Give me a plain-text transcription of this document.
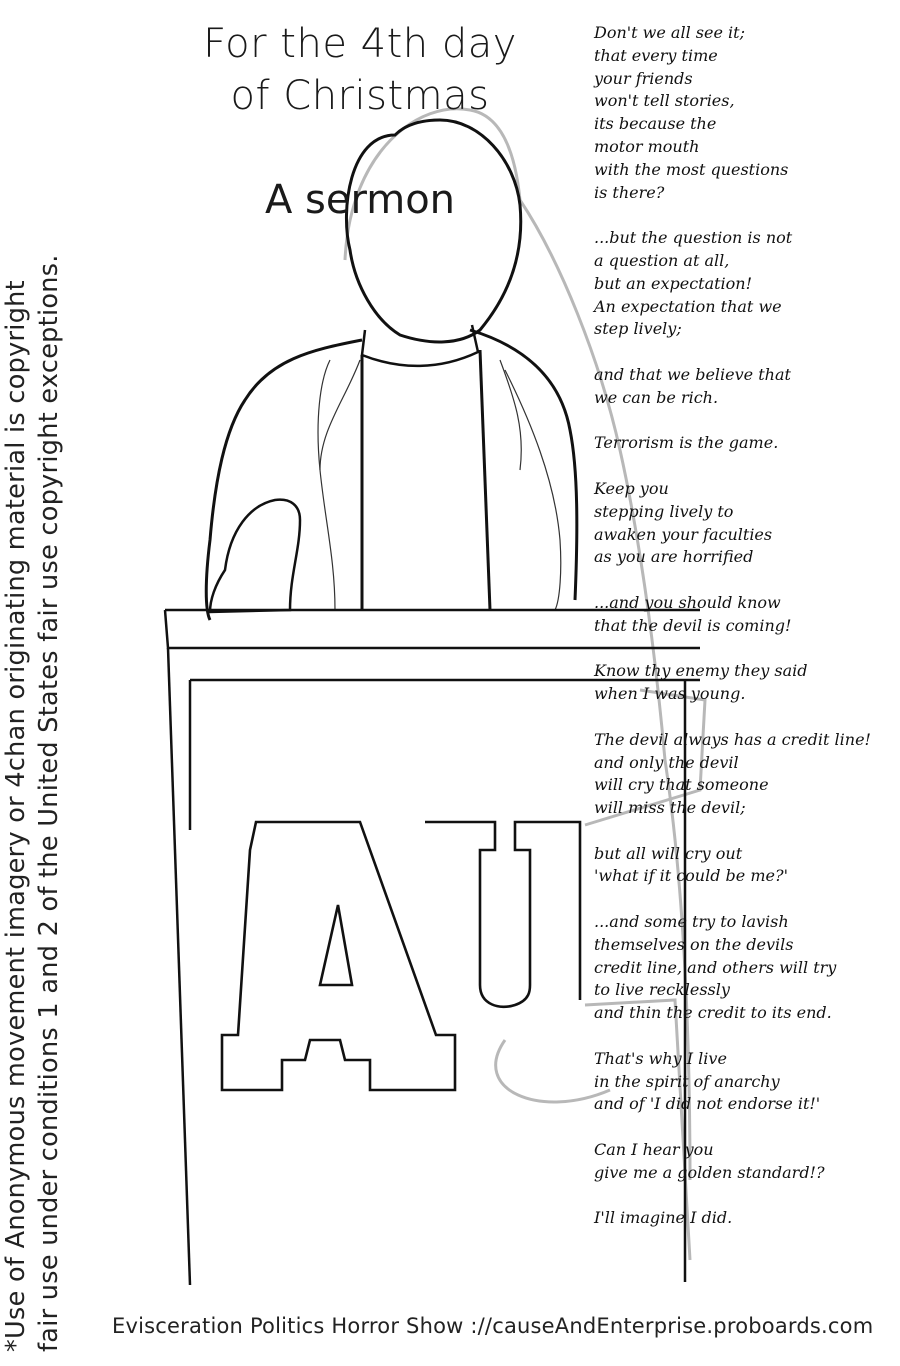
*Use of Anonymous movement imagery or 4chan originating material is copyright fair use under conditions 1 and 2 of the United States fair use copyright exceptions.
For the 4th day
of Christmas
A sermon
Don't we all see it;
that every time
your friends
won't tell stories,
its because the
motor mouth
with the most questions
is there?

...but the question is not
a question at all,
but an expectation!
An expectation that we
step lively;

and that we believe that
we can be rich.

Terrorism is the game.

Keep you
stepping lively to
awaken your faculties
as you are horrified

...and you should know
that the devil is coming!

Know thy enemy they said
when I was young.

The devil always has a credit line!
and only the devil
will cry that someone
will miss the devil;

but all will cry out
'what if it could be me?'

...and some try to lavish
themselves on the devils
credit line, and others will try
to live recklessly
and thin the credit to its end.

That's why I live
in the spirit of anarchy
and of 'I did not endorse it!'

Can I hear you
give me a golden standard!?

I'll imagine I did.
Evisceration Politics Horror Show ://causeAndEnterprise.proboards.com
